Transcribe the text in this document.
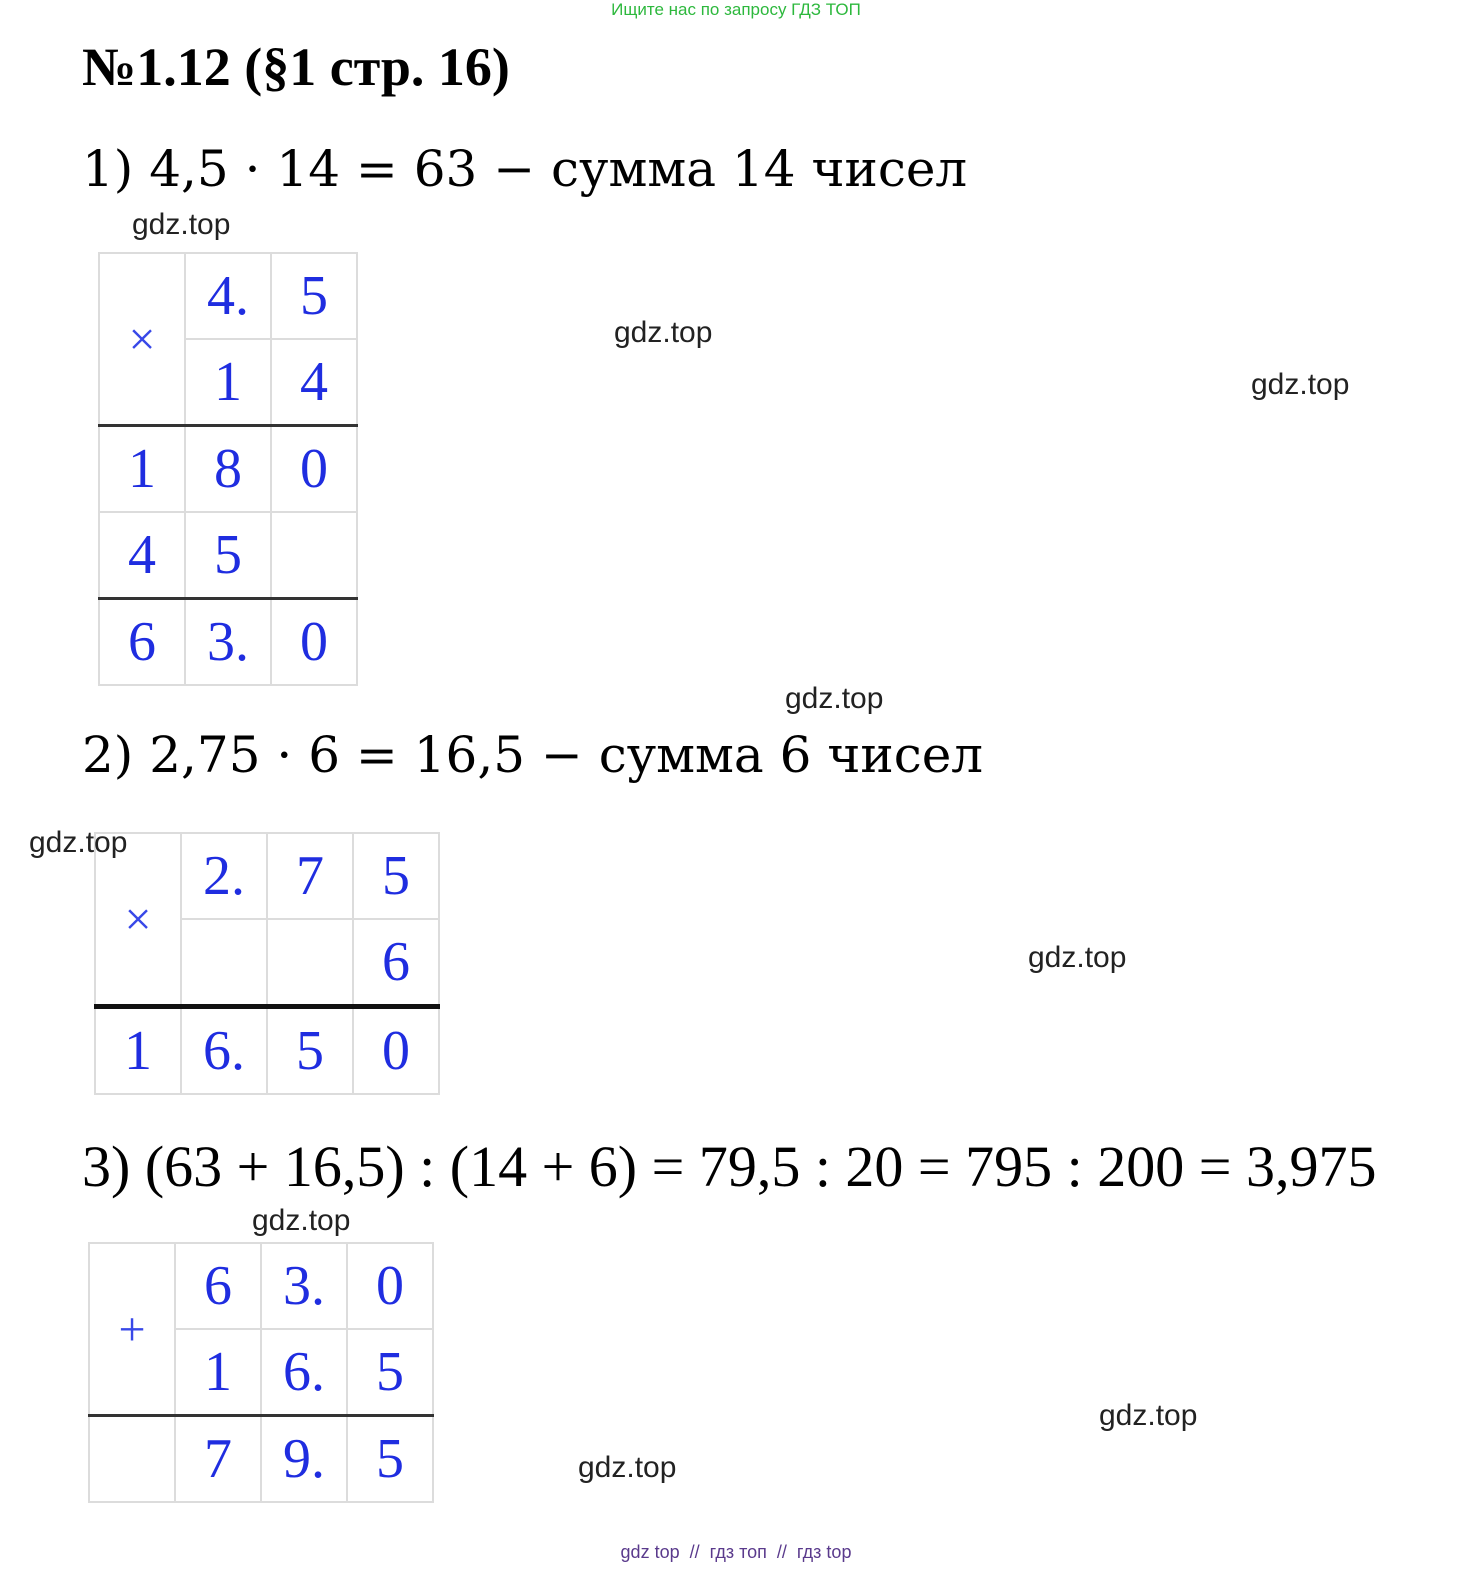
Ищите нас по запросу ГДЗ ТОП
№1.12 (§1 стр. 16)
1) 4,5 · 14 = 63 − сумма 14 чисел
gdz.top
×	4.	5
	1	4
1	8	0
4	5	
6	3.	0
gdz.top
gdz.top
gdz.top
2) 2,75 · 6 = 16,5 − сумма 6 чисел
×	2.	7	5
			6
1	6.	5	0
gdz.top
gdz.top
3) (63 + 16,5) : (14 + 6) = 79,5 : 20 = 795 : 200 = 3,975
gdz.top
+	6	3.	0
	1	6.	5
	7	9.	5
gdz.top
gdz.top
gdz top  //  гдз топ  //  гдз top
